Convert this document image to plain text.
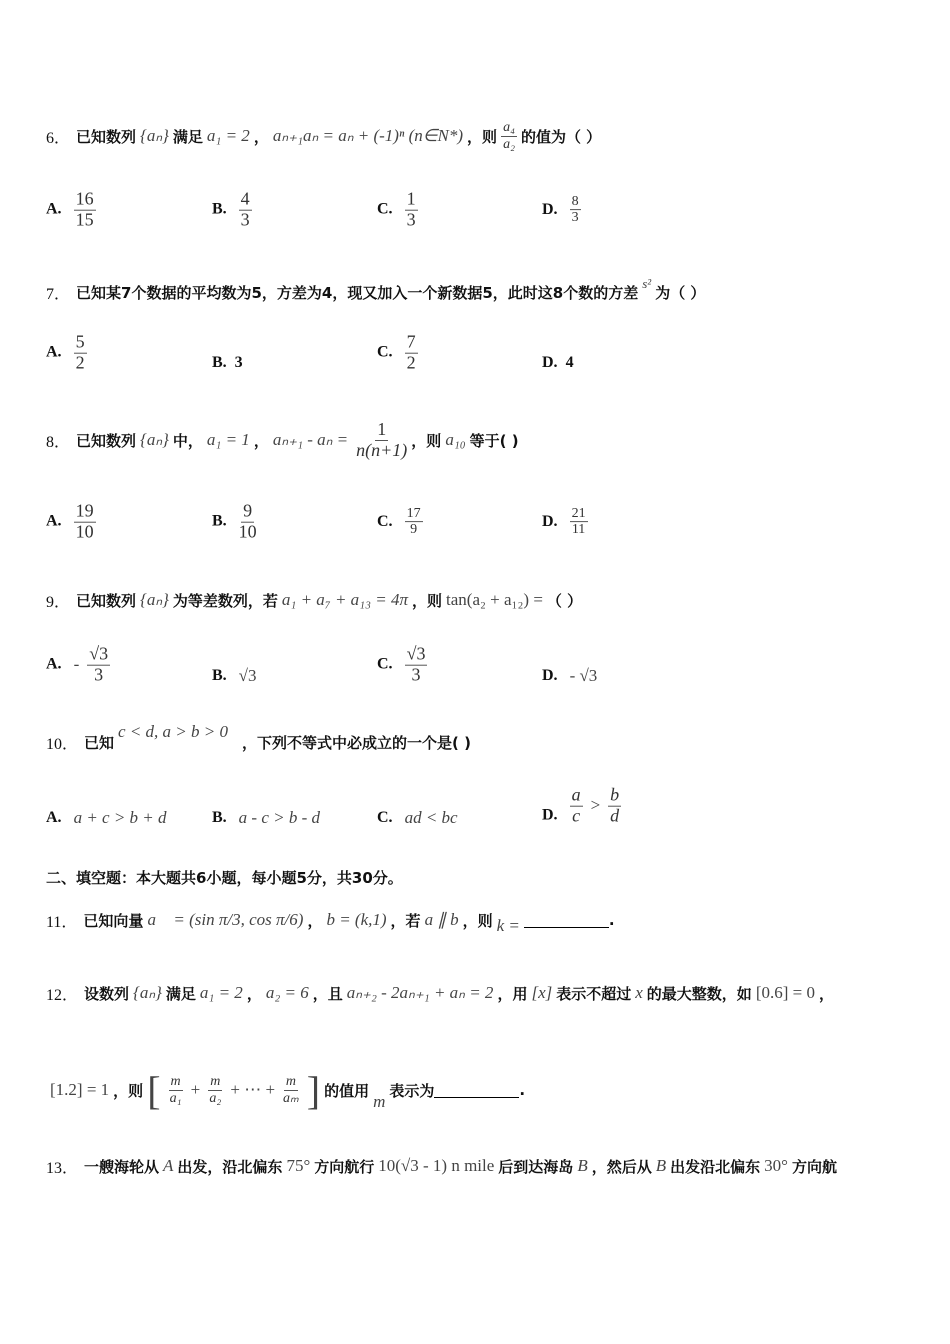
6． 已知数列 {aₙ} 满足 a₁ = 2 ， aₙ₊₁aₙ = aₙ + (-1)ⁿ (n∈N*) ，则 $\frac{\text{a₄}}{\text{a₂}}$ 的值为（ ）
A. $\frac{16}{15}$	B. $\frac{4}{3}$	C. $\frac{1}{3}$	D. $\frac{8}{3}$
7． 已知某7个数据的平均数为5，方差为4，现又加入一个新数据5，此时这8个数的方差 s² 为（ ）
A. $\frac{5}{2}$	B. 3
C. $\frac{7}{2}$	D. 4
8． 已知数列 {aₙ} 中， a₁ = 1 ， $a_{n+1} - a_n = \frac{1}{n(n+1)}$ ，则 a₁₀ 等于( )
A. $\frac{19}{10}$	B. $\frac{9}{10}$	C. $\frac{17}{9}$	D. $\frac{21}{11}$
9． 已知数列 {aₙ} 为等差数列，若 a₁ + a₇ + a₁₃ = 4π ，则 tan(a₂ + a₁₂) = （ ）
A. - $\frac{√3}{3}$	B. √3
C. $\frac{√3}{3}$	D. - √3
10． 已知
c < d, a > b > 0
，下列不等式中必成立的一个是( )
A. a + c > b + d	B. a - c > b - d	C. ad < bc	D. $\frac{a}{c} > \frac{b}{d}$
二、填空题：本大题共6小题，每小题5分，共30分。
11． 已知向量 a⃗ = (sin π/3, cos π/6) ， b = (k,1) ，若 a ∥ b ，则 k =	.
12． 设数列 {aₙ} 满足 a₁ = 2 ， a₂ = 6 ，且 aₙ₊₂ - 2aₙ₊₁ + aₙ = 2 ，用 [x] 表示不超过 x 的最大整数，如 [0.6] = 0 ，
[1.2] = 1 ，则 [ $\frac{m}{\text{a₁}} + \frac{m}{\text{a₂}}$ + ⋯ + $\frac{m}{\text{aₘ}}$ ] 的值用
m
表示为	.
13． 一艘海轮从 A 出发，沿北偏东 75° 方向航行 10(√3 - 1) n mile 后到达海岛 B ，然后从 B 出发沿北偏东 30° 方向航
